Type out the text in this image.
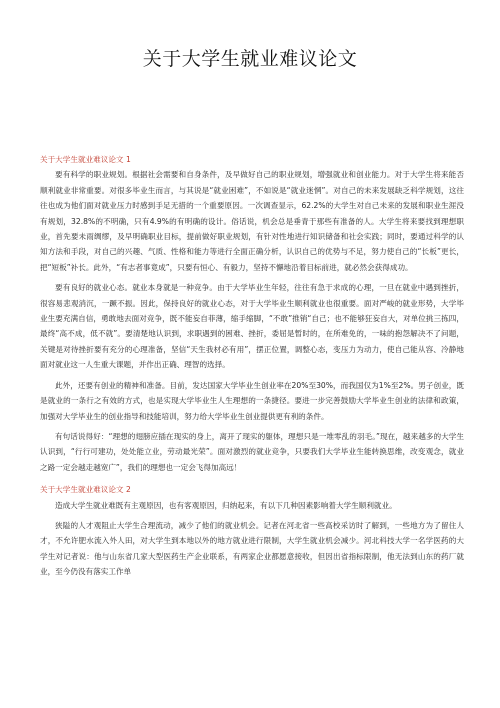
关于大学生就业难议论文

关于大学生就业难议论文 1

要有科学的职业规划。根据社会需要和自身条件，及早做好自己的职业规划，增强就业和创业能力。对于大学生将来能否顺利就业非常重要。对很多毕业生而言，与其说是“就业困难”，不如说是“就业迷惘”。对自己的未来发展缺乏科学规划，这往往也成为他们面对就业压力时感到手足无措的一个重要原因。一次调查显示，62.2%的大学生对自己未来的发展和职业生涯没有规划，32.8%的不明确，只有4.9%的有明确的设计。俗话说，机会总是垂青于那些有准备的人。大学生将来要找到理想职业，首先要未雨绸缪，及早明确职业目标，提前做好职业规划，有针对性地进行知识储备和社会实践；同时，要通过科学的认知方法和手段，对自己的兴趣、气质、性格和能力等进行全面正确分析，认识自己的优势与不足，努力使自己的“长板”更长，把“短板”补长。此外，“有志者事竟成”，只要有恒心、有毅力，坚持不懈地沿着目标前进，就必然会获得成功。

要有良好的就业心态。就业本身就是一种竞争。由于大学毕业生年轻，往往有急于求成的心理，一旦在就业中遇到挫折，很容易悲观消沉，一蹶不振。因此，保持良好的就业心态，对于大学毕业生顺利就业也很重要。面对严峻的就业形势，大学毕业生要充满自信，勇敢地去面对竞争，既不能妄自菲薄，缩手缩脚，“不敢”推销“自己；也不能够狂妄自大，对单位挑三拣四，最终“高不成，低不就”。要清楚地认识到，求职遇到的困难、挫折，委屈是暂时的，在所难免的，一味的抱怨解决不了问题，关键是对待挫折要有充分的心理准备，坚信“天生我材必有用”，摆正位置，调整心态，变压力为动力，使自己能从容、冷静地面对就业这一人生重大课题，并作出正确、理智的选择。

此外，还要有创业的精神和准备。目前，发达国家大学毕业生创业率在20%至30%，而我国仅为1%至2%。男子创业，既是就业的一条行之有效的方式，也是实现大学毕业生人生理想的一条捷径。要进一步完善鼓励大学毕业生创业的法律和政策，加强对大学毕业生的创业指导和技能培训，努力给大学毕业生创业提供更有利的条件。

有句话说得好：“理想的翅膀应插在现实的身上，离开了现实的躯体，理想只是一堆零乱的羽毛。”现在，越来越多的大学生认识到，“行行可建功，处处能立业，劳动最光荣”。面对激烈的就业竞争，只要我们大学毕业生能转换思维，改变观念，就业之路一定会越走越宽广”，我们的理想也一定会飞得加高远！

关于大学生就业难议论文 2

造成大学生就业难既有主观原因，也有客观原因，归纳起来，有以下几种因素影响着大学生顺利就业。

狭隘的人才观阻止大学生合理流动，减少了他们的就业机会。记者在河北省一些高校采访时了解到，一些地方为了留住人才，不允许肥水流入外人田，对大学生到本地以外的地方就业进行限制，大学生就业机会减少。河北科技大学一名学医药的大学生对记者说：他与山东省几家大型医药生产企业联系，有两家企业都愿意接收，但因出省指标限制，他无法到山东的药厂就业，至今仍没有落实工作单
